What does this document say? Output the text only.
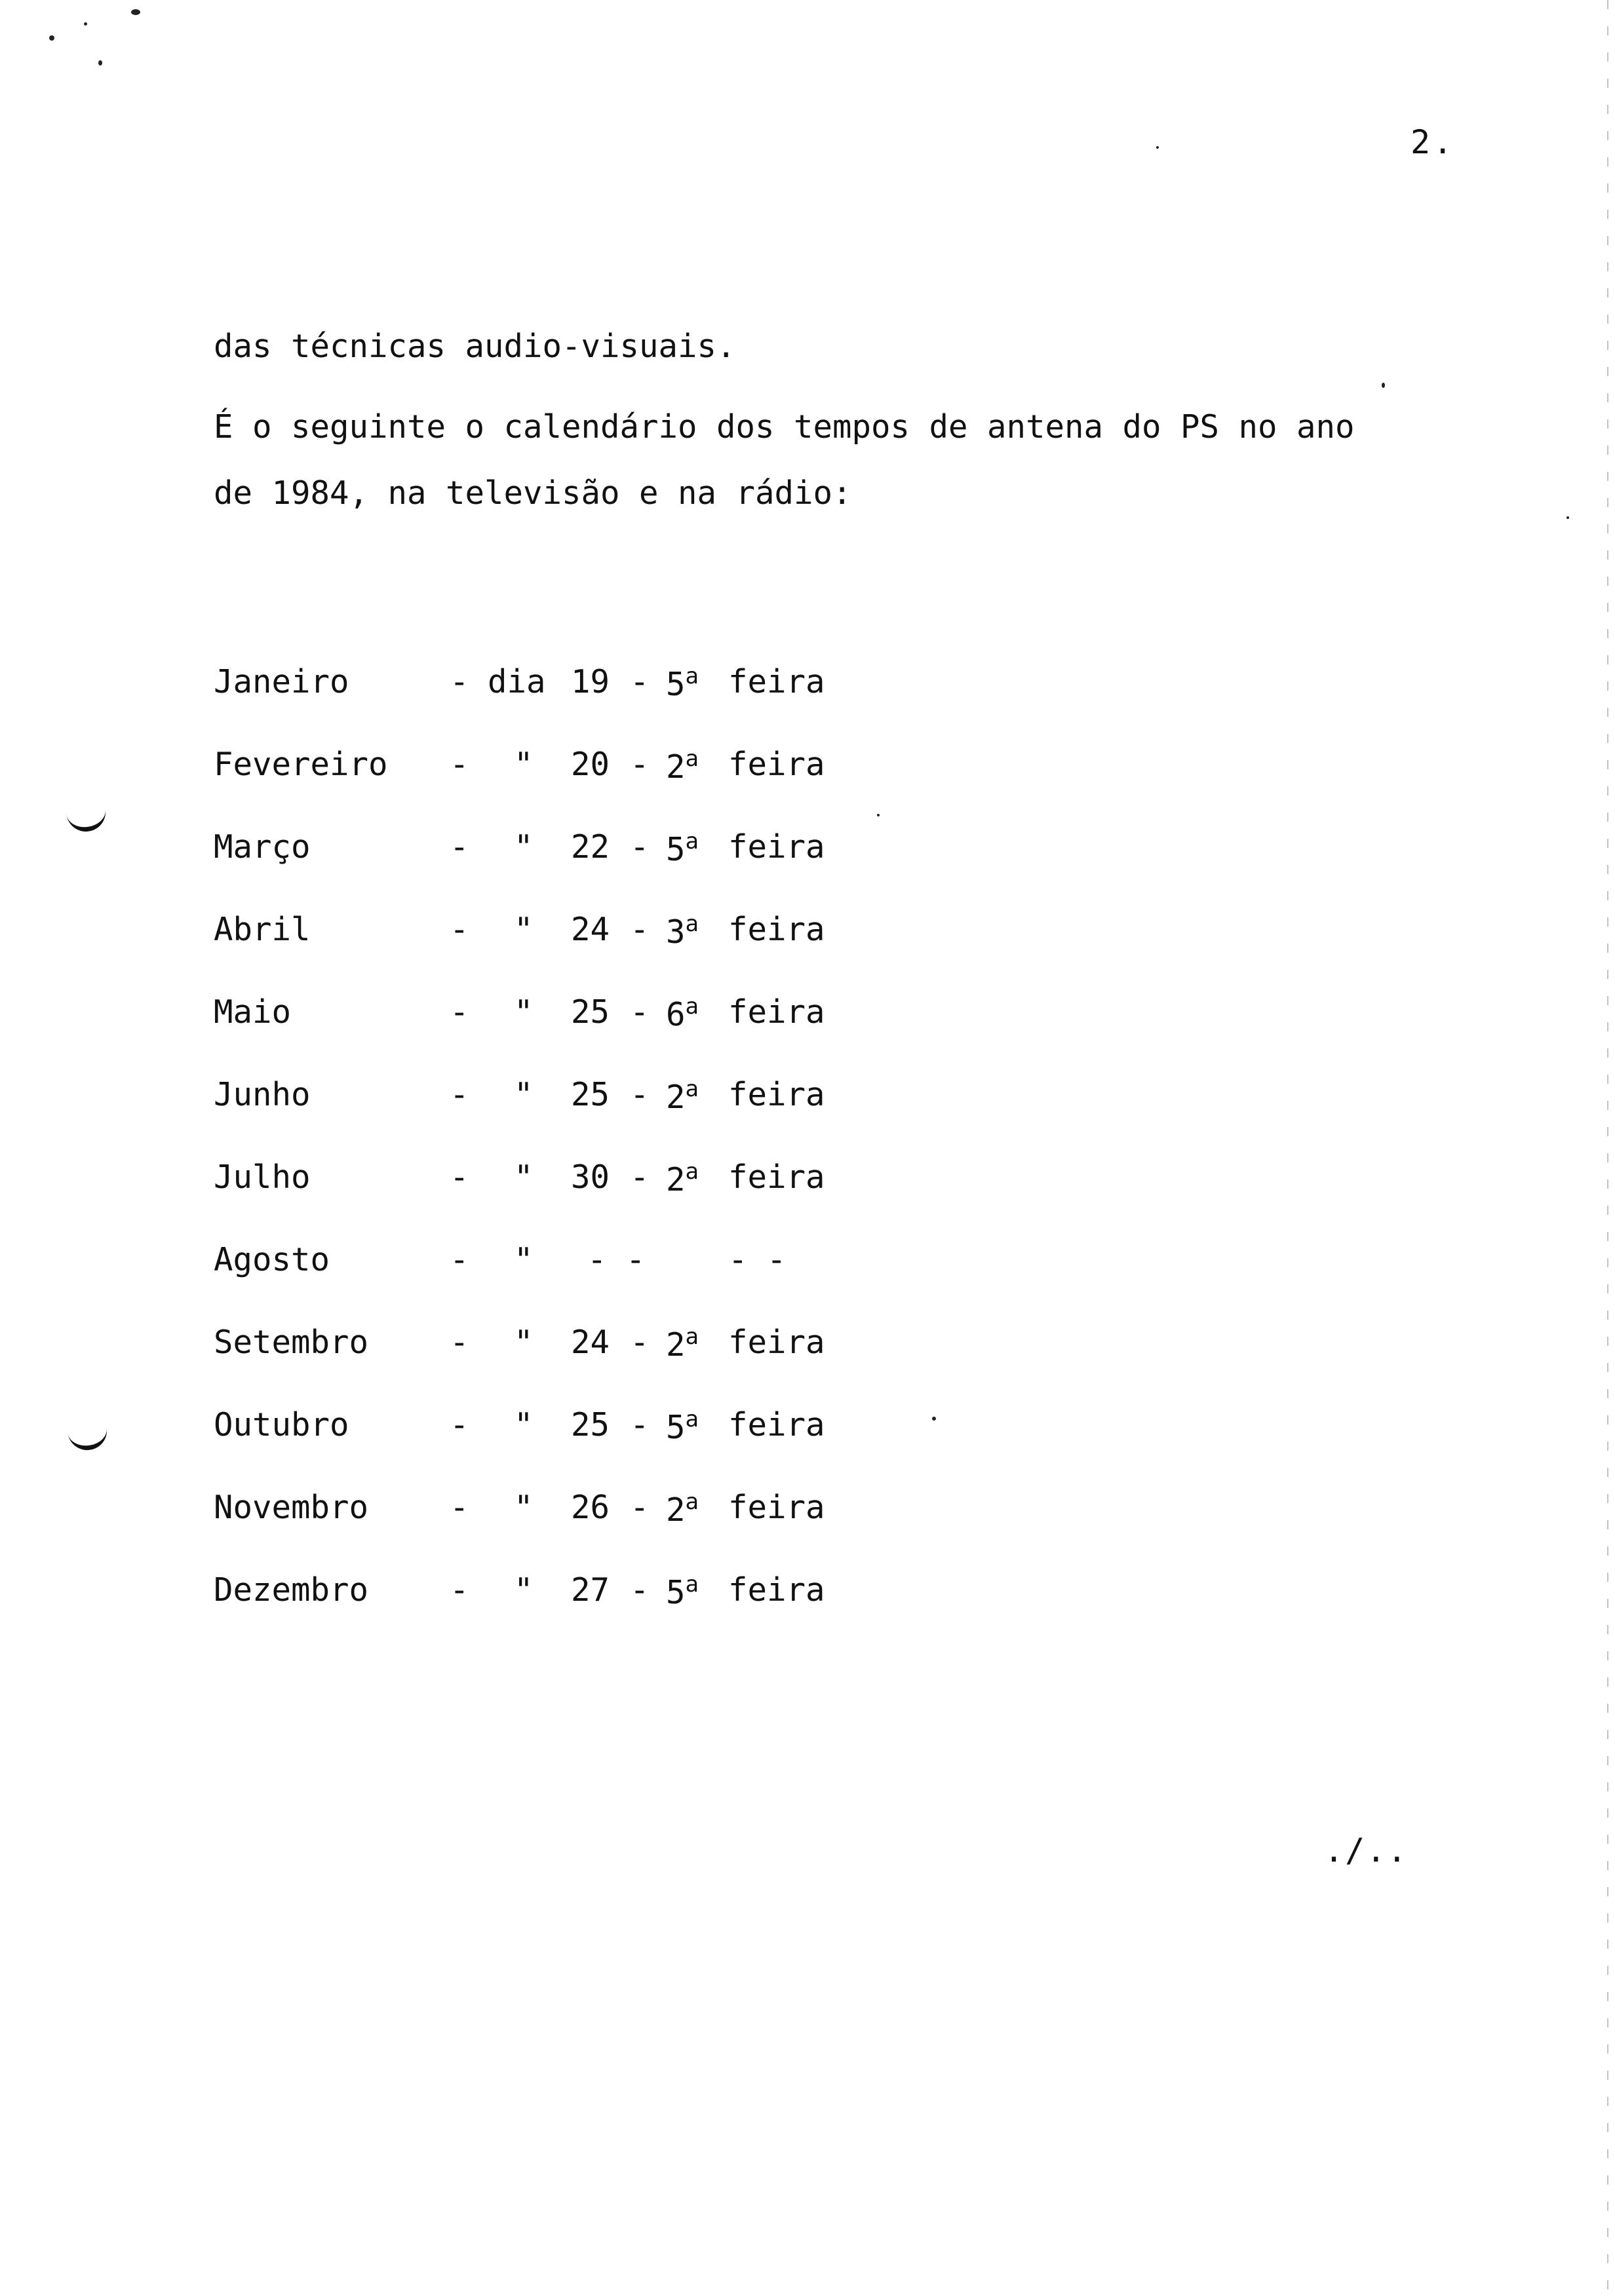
2.
das técnicas audio-visuais.
É o seguinte o calendário dos tempos de antena do PS no ano
de 1984, na televisão e na rádio:
Janeiro	- dia 19 - 5$^a$ feira
Fevereiro - " 20 - 2$^a$ feira
Março	- " 22 - 5$^a$ feira
Abril	- " 24 - 3$^a$ feira
Maio	- " 25 - 6$^a$ feira
Junho	- " 25 - 2$^a$ feira
Julho	- " 30 - 2$^a$ feira
Agosto	- " - -	- -
Setembro	- " 24 - 2$^a$ feira
Outubro	- " 25 - 5$^a$ feira
Novembro	- " 26 - 2$^a$ feira
Dezembro	- " 27 - 5$^a$ feira
./..
